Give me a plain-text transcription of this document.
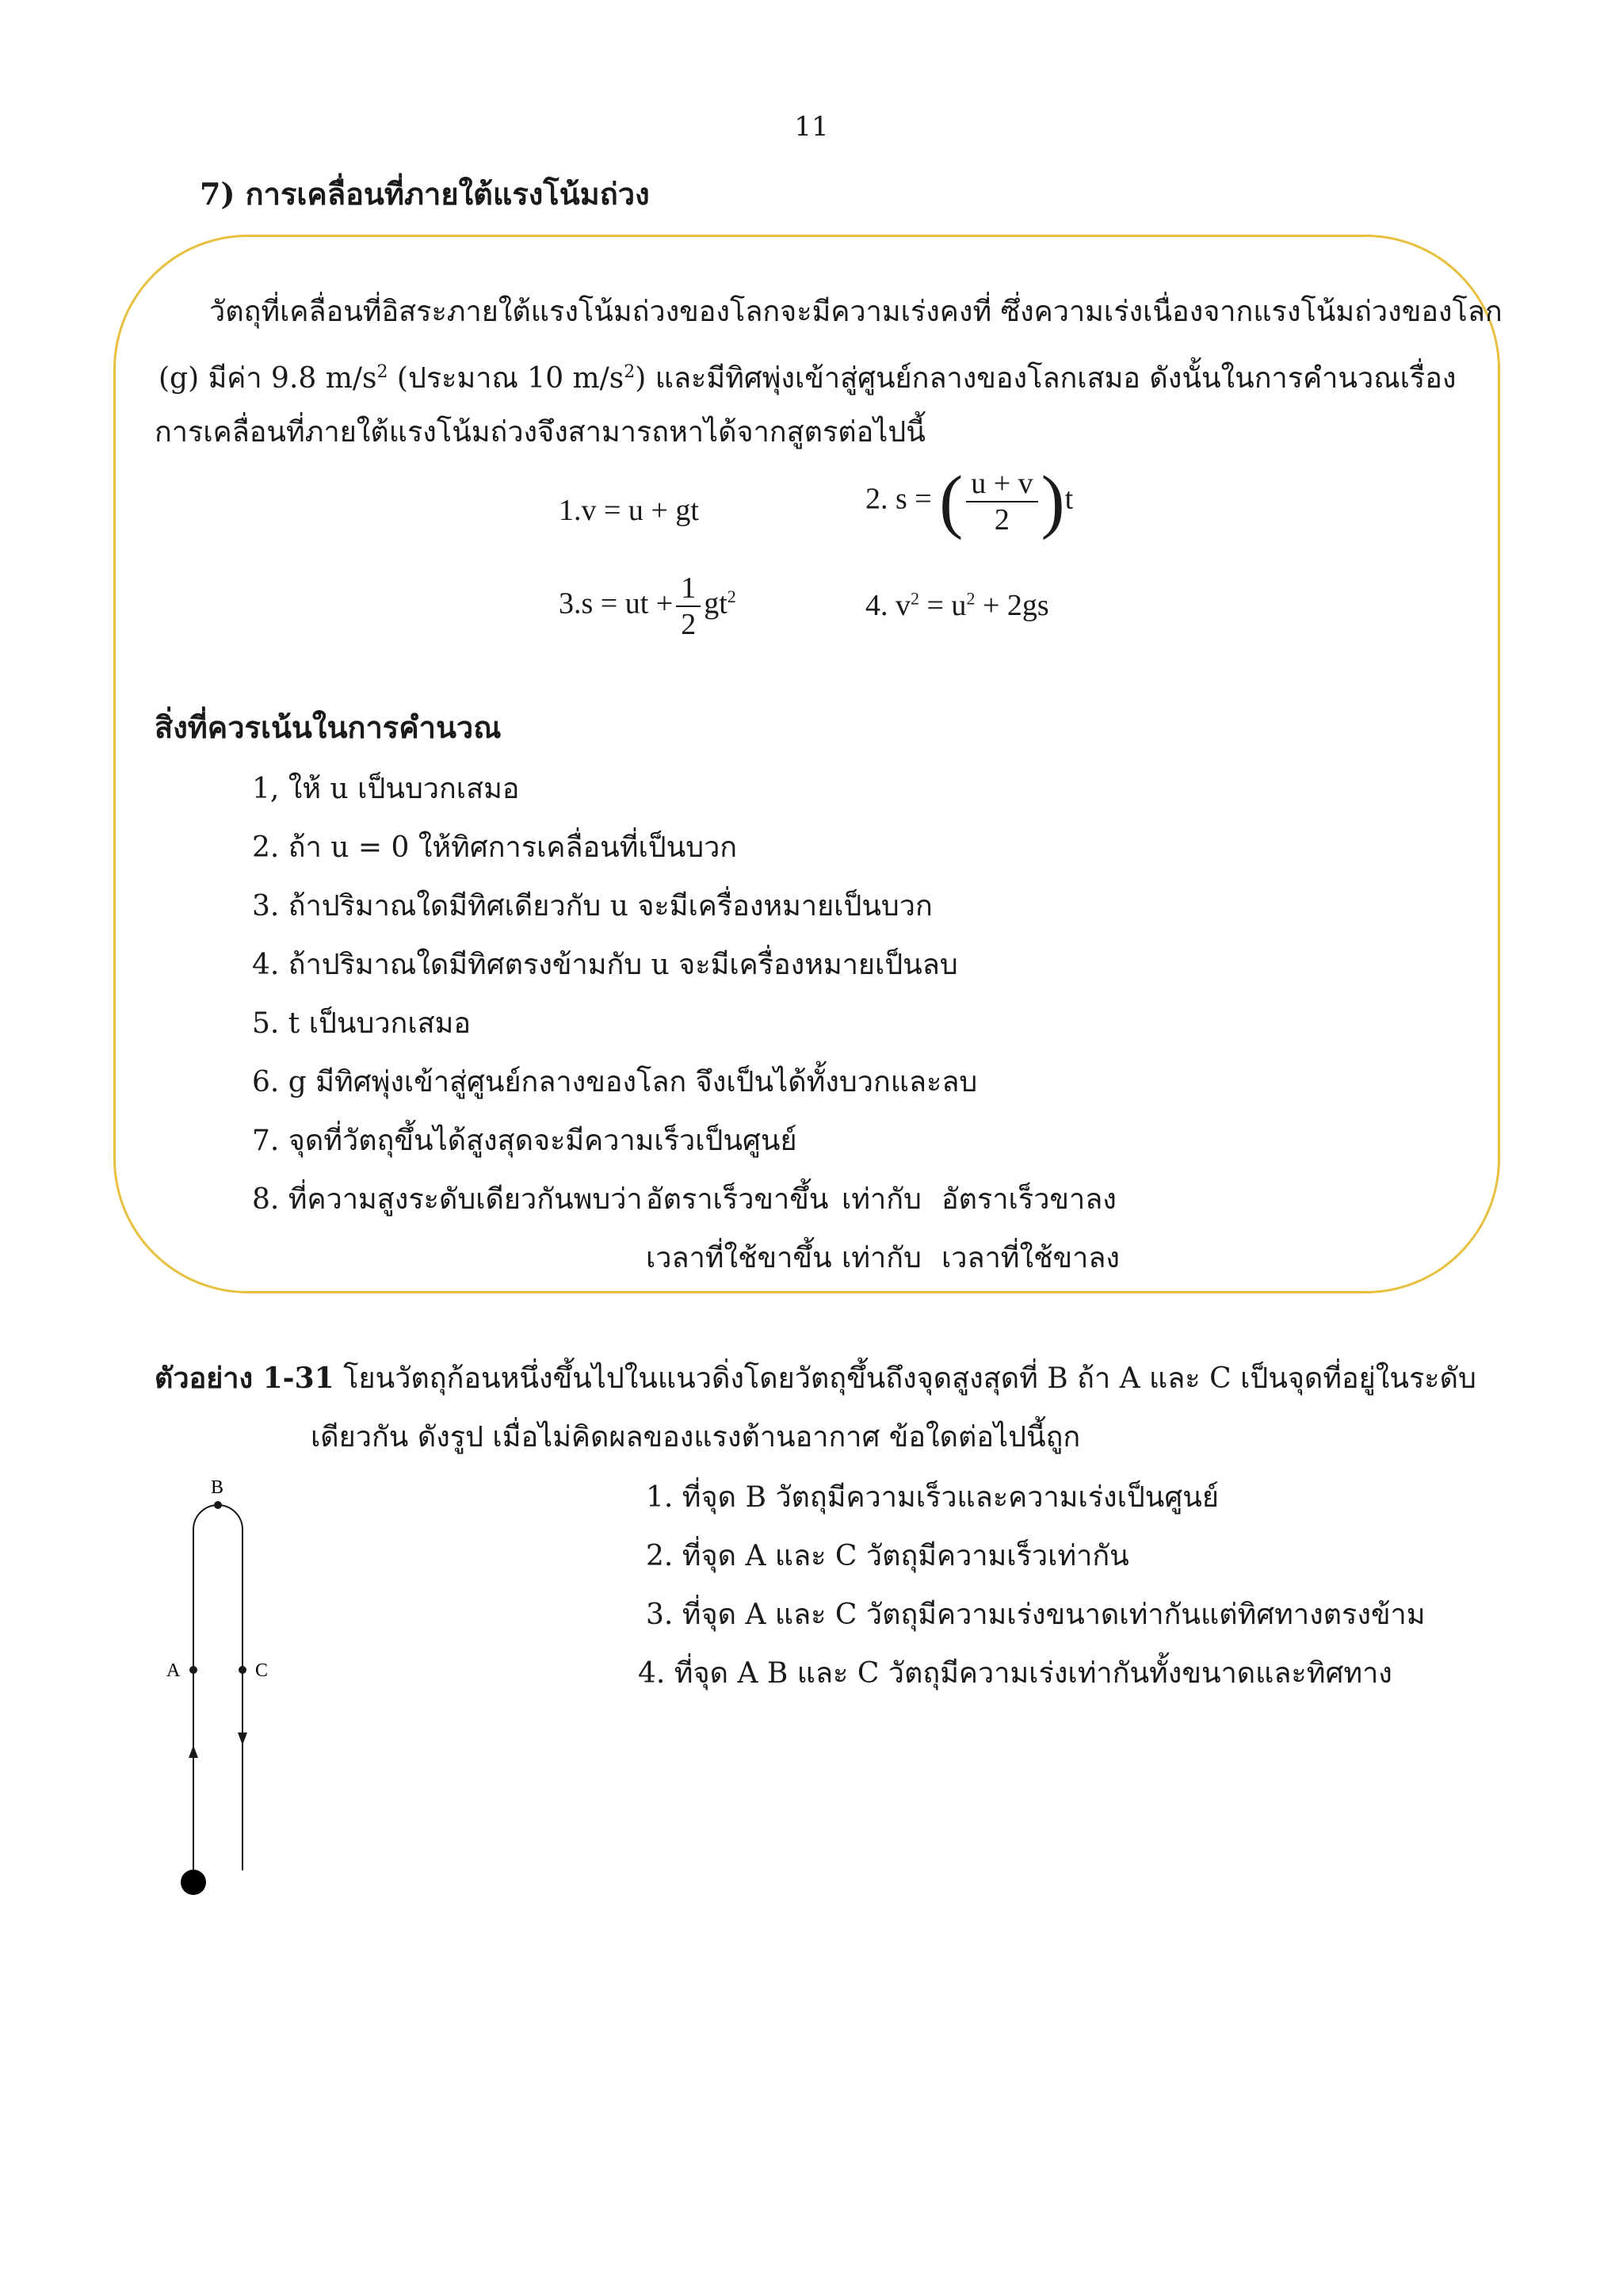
11
7) การเคลื่อนที่ภายใต้แรงโน้มถ่วง
วัตถุที่เคลื่อนที่อิสระภายใต้แรงโน้มถ่วงของโลกจะมีความเร่งคงที่ ซึ่งความเร่งเนื่องจากแรงโน้มถ่วงของโลก
(g) มีค่า 9.8 $m/s^2$ (ประมาณ 10 $m/s^2$) และมีทิศพุ่งเข้าสู่ศูนย์กลางของโลกเสมอ ดังนั้นในการคำนวณเรื่อง
การเคลื่อนที่ภายใต้แรงโน้มถ่วงจึงสามารถหาได้จากสูตรต่อไปนี้
1.v = u + gt	2. s = ( $\frac{u + v}{2} )t$
3.s = ut + $\frac{1}{2} gt^2$	4. $v^2 = u^2 + 2gs$
สิ่งที่ควรเน้นในการคำนวณ
1, ให้ u เป็นบวกเสมอ
2. ถ้า u = 0 ให้ทิศการเคลื่อนที่เป็นบวก
3. ถ้าปริมาณใดมีทิศเดียวกับ u จะมีเครื่องหมายเป็นบวก
4. ถ้าปริมาณใดมีทิศตรงข้ามกับ u จะมีเครื่องหมายเป็นลบ
5. t เป็นบวกเสมอ
6. g มีทิศพุ่งเข้าสู่ศูนย์กลางของโลก จึงเป็นได้ทั้งบวกและลบ
7. จุดที่วัตถุขึ้นได้สูงสุดจะมีความเร็วเป็นศูนย์
8. ที่ความสูงระดับเดียวกันพบว่า อัตราเร็วขาขึ้น เท่ากับ อัตราเร็วขาลง
เวลาที่ใช้ขาขึ้น เท่ากับ เวลาที่ใช้ขาลง
ตัวอย่าง 1-31 โยนวัตถุก้อนหนึ่งขึ้นไปในแนวดิ่งโดยวัตถุขึ้นถึงจุดสูงสุดที่ B ถ้า A และ C เป็นจุดที่อยู่ในระดับ
เดียวกัน ดังรูป เมื่อไม่คิดผลของแรงต้านอากาศ ข้อใดต่อไปนี้ถูก
1. ที่จุด B วัตถุมีความเร็วและความเร่งเป็นศูนย์
2. ที่จุด A และ C วัตถุมีความเร็วเท่ากัน
3. ที่จุด A และ C วัตถุมีความเร่งขนาดเท่ากันแต่ทิศทางตรงข้าม
4. ที่จุด A B และ C วัตถุมีความเร่งเท่ากันทั้งขนาดและทิศทาง
B
A	C
